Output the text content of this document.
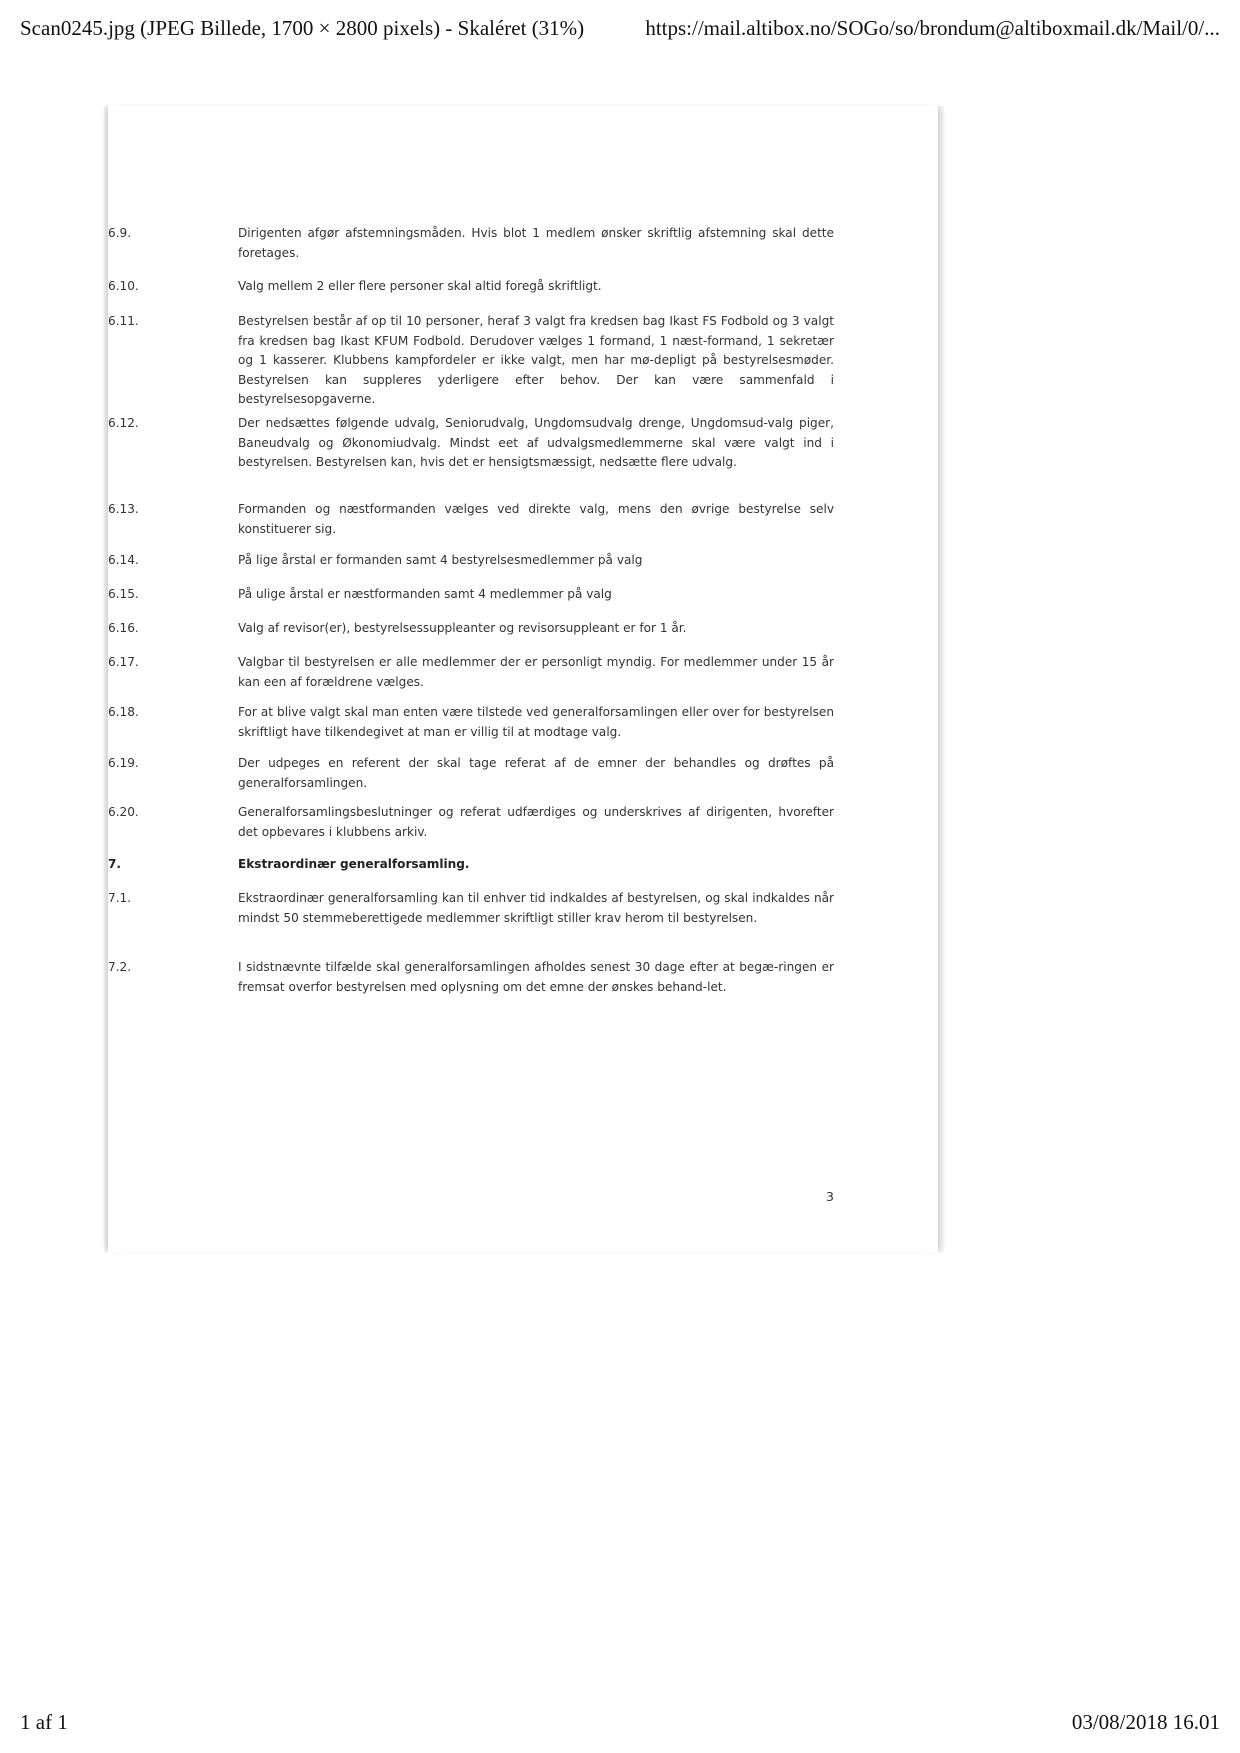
Scan0245.jpg (JPEG Billede, 1700 × 2800 pixels) - Skaléret (31%)	https://mail.altibox.no/SOGo/so/brondum@altiboxmail.dk/Mail/0/...
6.9.	Dirigenten afgør afstemningsmåden. Hvis blot 1 medlem ønsker skriftlig afstemning skal dette foretages.
6.10.	Valg mellem 2 eller flere personer skal altid foregå skriftligt.
6.11.	Bestyrelsen består af op til 10 personer, heraf 3 valgt fra kredsen bag Ikast FS Fodbold og 3 valgt fra kredsen bag Ikast KFUM Fodbold. Derudover vælges 1 formand, 1 næst-formand, 1 sekretær og 1 kasserer. Klubbens kampfordeler er ikke valgt, men har mø-depligt på bestyrelsesmøder. Bestyrelsen kan suppleres yderligere efter behov. Der kan være sammenfald i bestyrelsesopgaverne.
6.12.	Der nedsættes følgende udvalg, Seniorudvalg, Ungdomsudvalg drenge, Ungdomsud-valg piger, Baneudvalg og Økonomiudvalg. Mindst eet af udvalgsmedlemmerne skal være valgt ind i bestyrelsen. Bestyrelsen kan, hvis det er hensigtsmæssigt, nedsætte flere udvalg.
6.13.	Formanden og næstformanden vælges ved direkte valg, mens den øvrige bestyrelse selv konstituerer sig.
6.14.	På lige årstal er formanden samt 4 bestyrelsesmedlemmer på valg
6.15.	På ulige årstal er næstformanden samt 4 medlemmer på valg
6.16.	Valg af revisor(er), bestyrelsessuppleanter og revisorsuppleant er for 1 år.
6.17.	Valgbar til bestyrelsen er alle medlemmer der er personligt myndig. For medlemmer under 15 år kan een af forældrene vælges.
6.18.	For at blive valgt skal man enten være tilstede ved generalforsamlingen eller over for bestyrelsen skriftligt have tilkendegivet at man er villig til at modtage valg.
6.19.	Der udpeges en referent der skal tage referat af de emner der behandles og drøftes på generalforsamlingen.
6.20.	Generalforsamlingsbeslutninger og referat udfærdiges og underskrives af dirigenten, hvorefter det opbevares i klubbens arkiv.
7.	Ekstraordinær generalforsamling.
7.1.	Ekstraordinær generalforsamling kan til enhver tid indkaldes af bestyrelsen, og skal indkaldes når mindst 50 stemmeberettigede medlemmer skriftligt stiller krav herom til bestyrelsen.
7.2.	I sidstnævnte tilfælde skal generalforsamlingen afholdes senest 30 dage efter at begæ-ringen er fremsat overfor bestyrelsen med oplysning om det emne der ønskes behand-let.
3
1 af 1	03/08/2018 16.01
